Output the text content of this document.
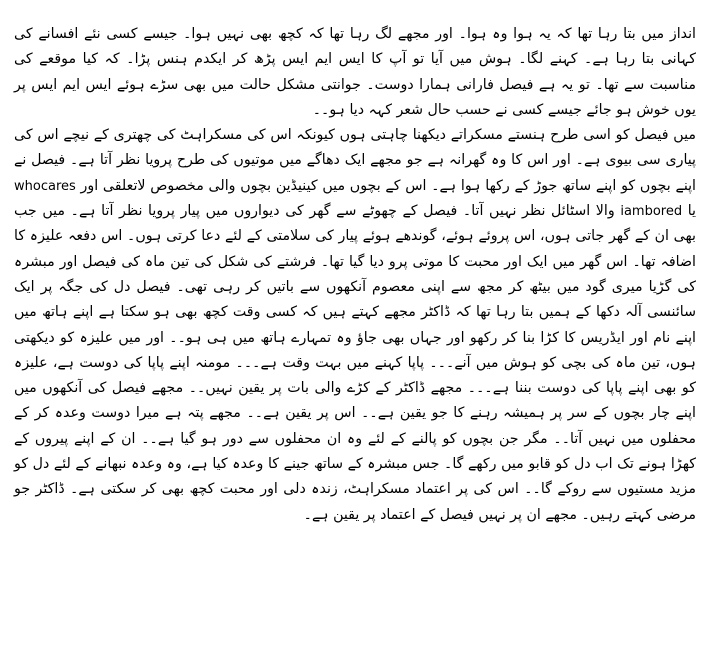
انداز میں بتا رہا تھا کہ یہ ہوا وہ ہوا۔ اور مجھے لگ رہا تھا کہ کچھ بھی نہیں ہوا۔ جیسے کسی نئے افسانے کی کہانی بتا رہا ہے۔ کہنے لگا۔ ہوش میں آیا تو آپ کا ایس ایم ایس پڑھ کر ایکدم ہنس پڑا۔ کہ کیا موقعے کی مناسبت سے تھا۔ تو یہ ہے فیصل فارانی ہمارا دوست۔ جوانتی مشکل حالت میں بھی سڑے ہوئے ایس ایم ایس پر یوں خوش ہو جائے جیسے کسی نے حسب حال شعر کہہ دیا ہو۔۔

میں فیصل کو اسی طرح ہنستے مسکراتے دیکھنا چاہتی ہوں کیونکہ اس کی مسکراہٹ کی چھتری کے نیچے اس کی پیاری سی بیوی ہے۔ اور اس کا وہ گھرانہ ہے جو مجھے ایک دھاگے میں موتیوں کی طرح پرویا نظر آتا ہے۔ فیصل نے اپنے بچوں کو اپنے ساتھ جوڑ کے رکھا ہوا ہے۔ اس کے بچوں میں کینیڈین بچوں والی مخصوص لاتعلقی اور whocares یا iambored والا اسٹائل نظر نہیں آتا۔ فیصل کے چھوٹے سے گھر کی دیواروں میں پیار پرویا نظر آتا ہے۔ میں جب بھی ان کے گھر جاتی ہوں، اس پروئے ہوئے، گوندھے ہوئے پیار کی سلامتی کے لئے دعا کرتی ہوں۔ اس دفعہ علیزہ کا اضافہ تھا۔ اس گھر میں ایک اور محبت کا موتی پرو دیا گیا تھا۔ فرشتے کی شکل کی تین ماہ کی فیصل اور مبشرہ کی گڑیا میری گود میں بیٹھ کر مجھ سے اپنی معصوم آنکھوں سے باتیں کر رہی تھی۔ فیصل دل کی جگہ پر ایک سائنسی آلہ دکھا کے ہمیں بتا رہا تھا کہ ڈاکٹر مجھے کہتے ہیں کہ کسی وقت کچھ بھی ہو سکتا ہے اپنے ہاتھ میں اپنے نام اور ایڈریس کا کڑا بنا کر رکھو اور جہاں بھی جاؤ وہ تمہارے ہاتھ میں ہی ہو۔۔ اور میں علیزہ کو دیکھتی ہوں، تین ماہ کی بچی کو ہوش میں آنے۔۔۔ پاپا کہنے میں بہت وقت ہے۔۔۔ مومنہ اپنے پاپا کی دوست ہے، علیزہ کو بھی اپنے پاپا کی دوست بننا ہے۔۔۔ مجھے ڈاکٹر کے کڑے والی بات پر یقین نہیں۔۔ مجھے فیصل کی آنکھوں میں اپنے چار بچوں کے سر پر ہمیشہ رہنے کا جو یقین ہے۔۔ اس پر یقین ہے۔۔ مجھے پتہ ہے میرا دوست وعدہ کر کے محفلوں میں نہیں آتا۔۔ مگر جن بچوں کو پالنے کے لئے وہ ان محفلوں سے دور ہو گیا ہے۔۔ ان کے اپنے پیروں کے کھڑا ہونے تک اب دل کو قابو میں رکھے گا۔ جس مبشرہ کے ساتھ جینے کا وعدہ کیا ہے، وہ وعدہ نبھانے کے لئے دل کو مزید مستیوں سے روکے گا۔۔ اس کی پر اعتماد مسکراہٹ، زندہ دلی اور محبت کچھ بھی کر سکتی ہے۔ ڈاکٹر جو مرضی کہتے رہیں۔ مجھے ان پر نہیں فیصل کے اعتماد پر یقین ہے۔
